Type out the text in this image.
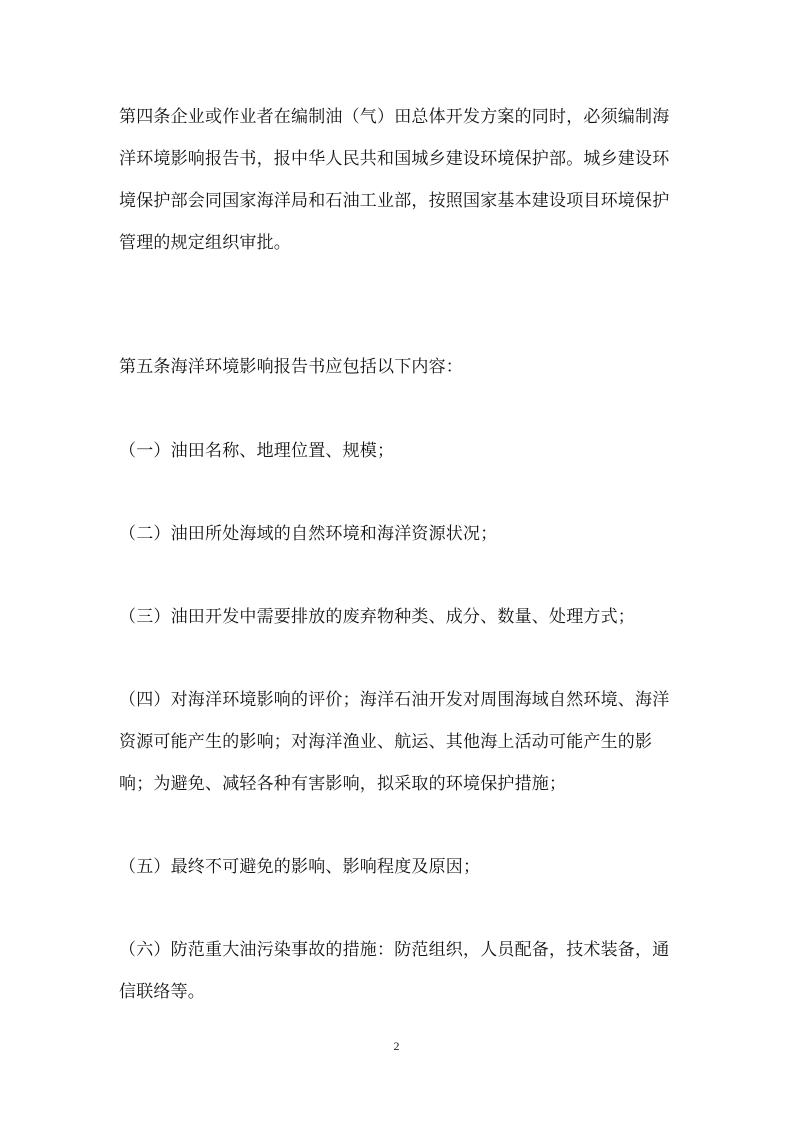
第四条企业或作业者在编制油（气）田总体开发方案的同时，必须编制海洋环境影响报告书，报中华人民共和国城乡建设环境保护部。城乡建设环境保护部会同国家海洋局和石油工业部，按照国家基本建设项目环境保护管理的规定组织审批。

第五条海洋环境影响报告书应包括以下内容：

（一）油田名称、地理位置、规模；

（二）油田所处海域的自然环境和海洋资源状况；

（三）油田开发中需要排放的废弃物种类、成分、数量、处理方式；

（四）对海洋环境影响的评价；海洋石油开发对周围海域自然环境、海洋资源可能产生的影响；对海洋渔业、航运、其他海上活动可能产生的影响；为避免、减轻各种有害影响，拟采取的环境保护措施；

（五）最终不可避免的影响、影响程度及原因；

（六）防范重大油污染事故的措施：防范组织，人员配备，技术装备，通信联络等。

2
